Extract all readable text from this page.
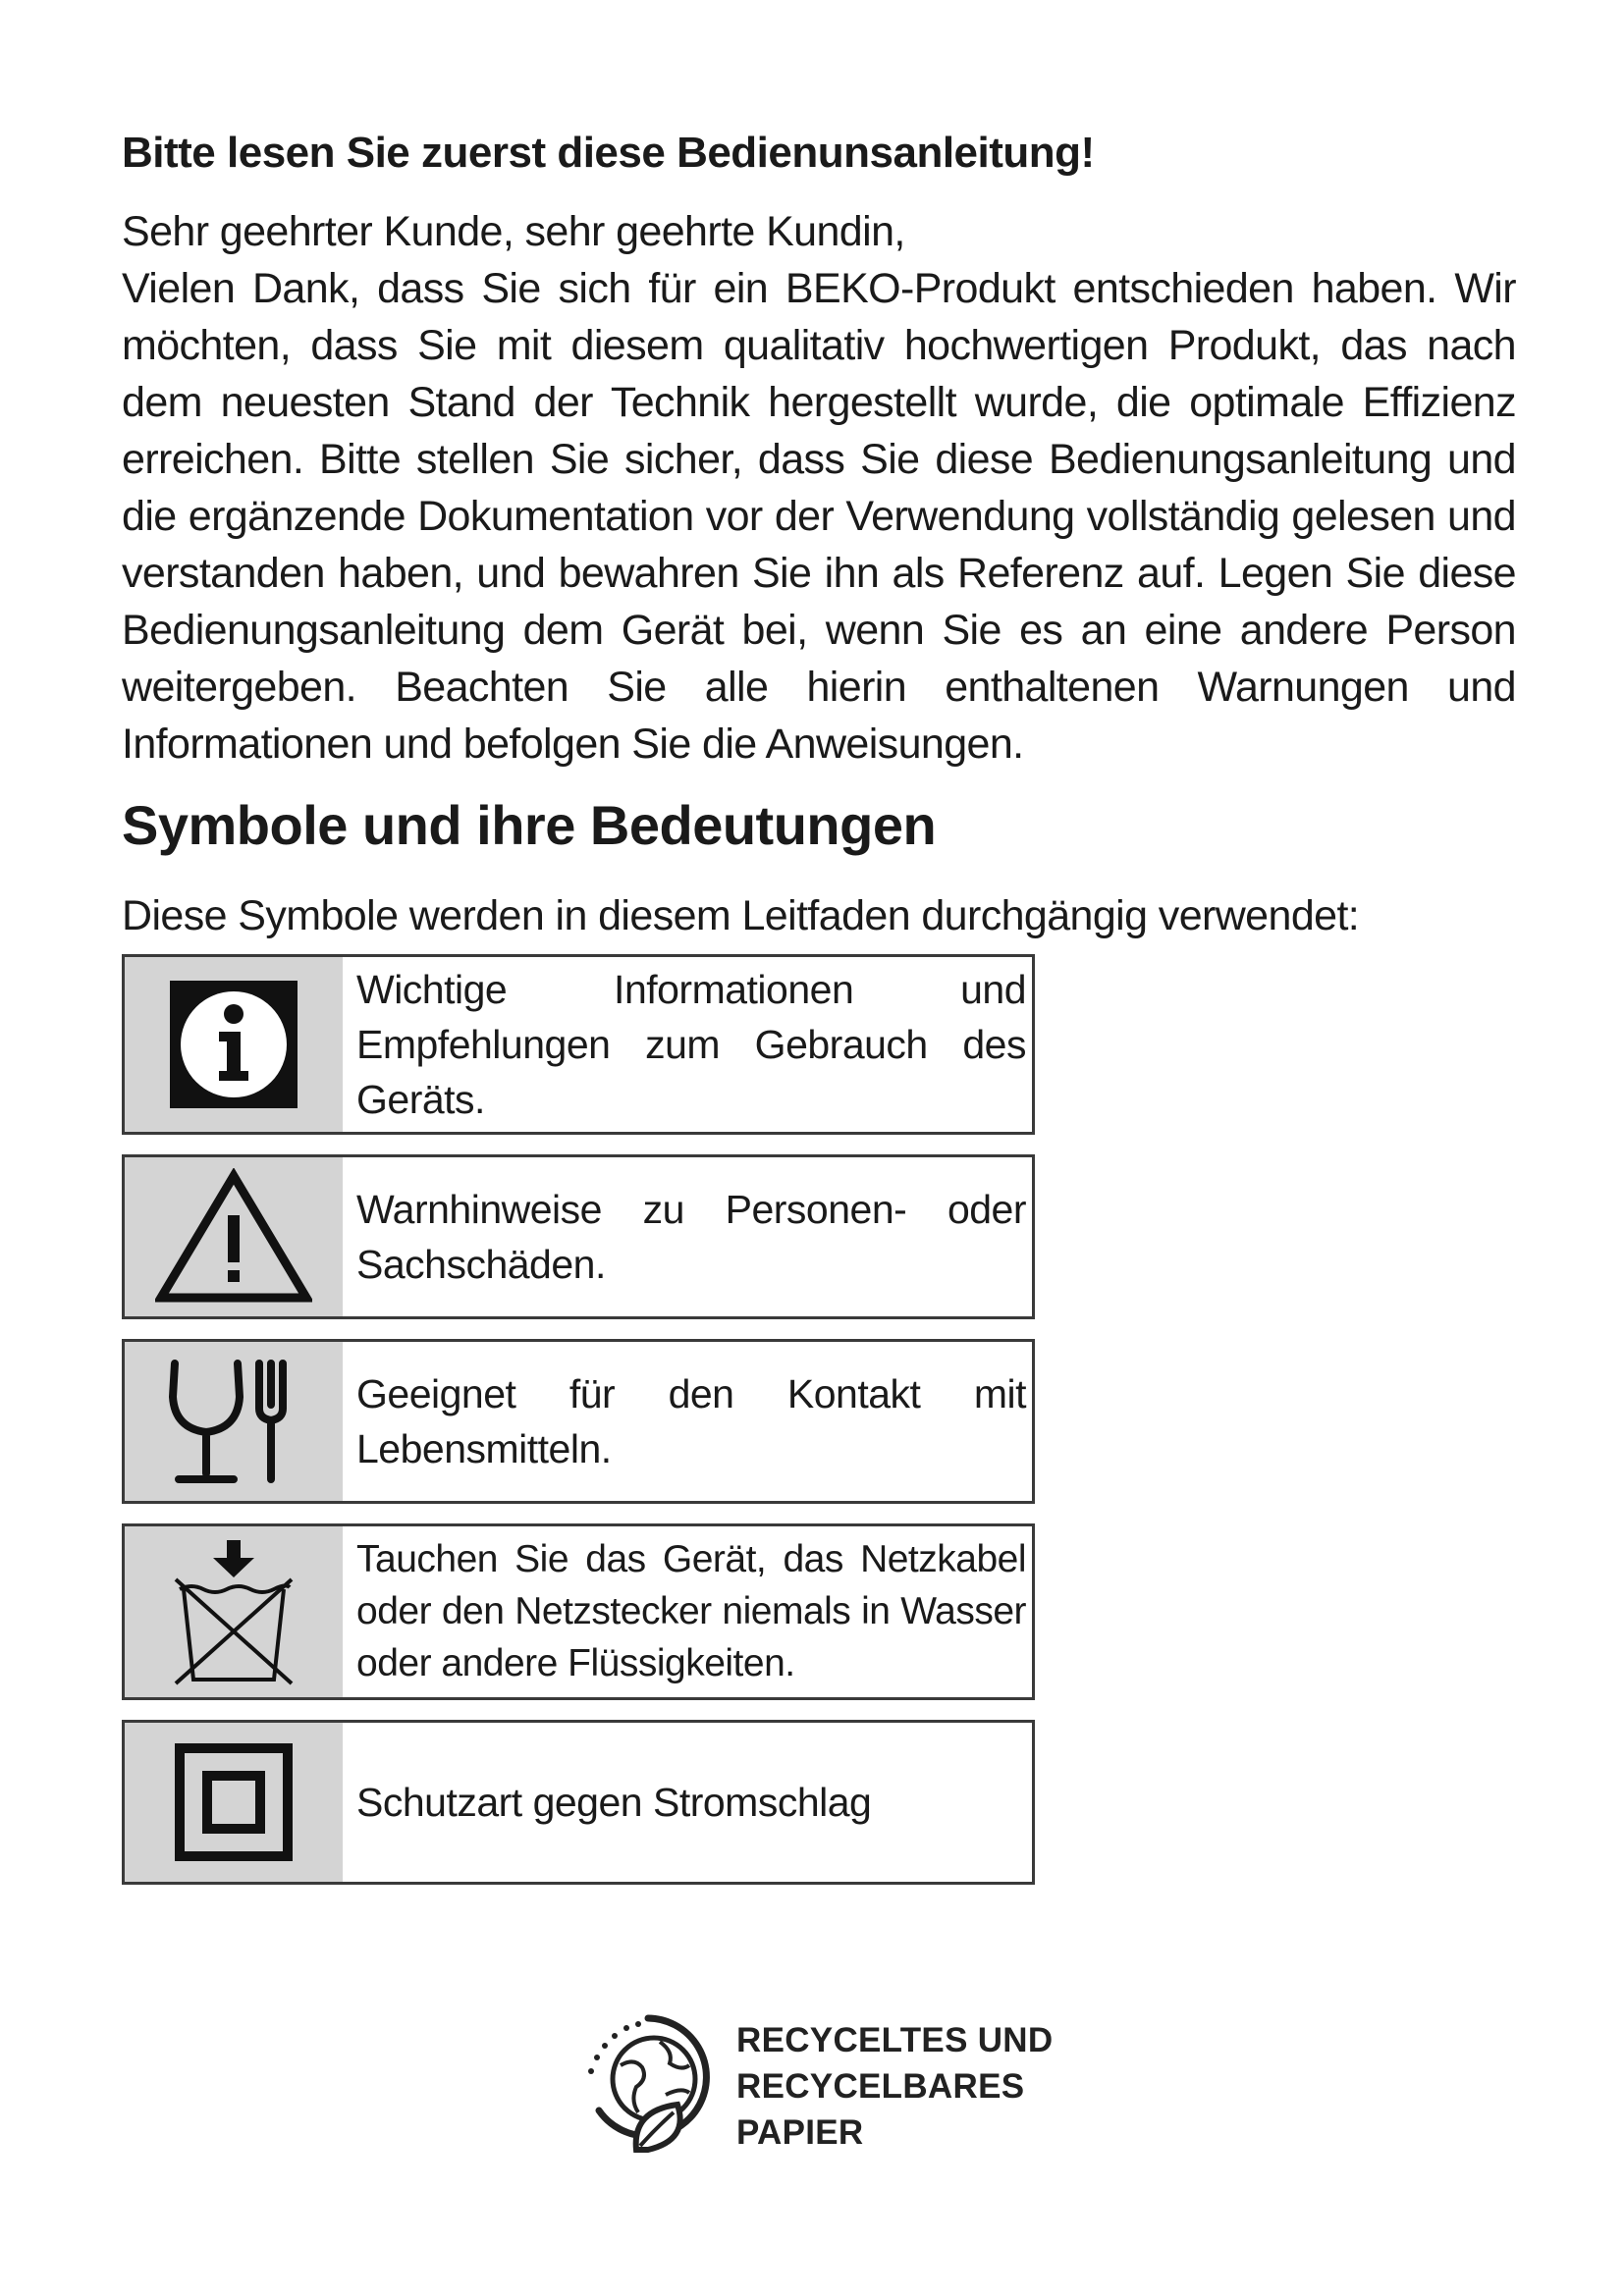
Bitte lesen Sie zuerst diese Bedienunsanleitung!

Sehr geehrter Kunde, sehr geehrte Kundin,

Vielen Dank, dass Sie sich für ein BEKO-Produkt entschieden haben. Wir möchten, dass Sie mit diesem qualitativ hochwertigen Produkt, das nach dem neuesten Stand der Technik hergestellt wurde, die optimale Effizienz erreichen. Bitte stellen Sie sicher, dass Sie diese Bedienungsanleitung und die ergänzende Dokumentation vor der Verwendung vollständig gelesen und verstanden haben, und bewahren Sie ihn als Referenz auf. Legen Sie diese Bedienungsanleitung dem Gerät bei, wenn Sie es an eine andere Person weitergeben. Beachten Sie alle hierin enthaltenen Warnungen und Informationen und befolgen Sie die Anweisungen.

Symbole und ihre Bedeutungen

Diese Symbole werden in diesem Leitfaden durchgängig verwendet:

Wichtige Informationen und Empfehlungen zum Gebrauch des Geräts.
Warnhinweise zu Personen- oder Sachschäden.
Geeignet für den Kontakt mit Lebensmitteln.
Tauchen Sie das Gerät, das Netzkabel oder den Netzstecker niemals in Wasser oder andere Flüssigkeiten.
Schutzart gegen Stromschlag
RECYCELTES UND
RECYCELBARES
PAPIER
